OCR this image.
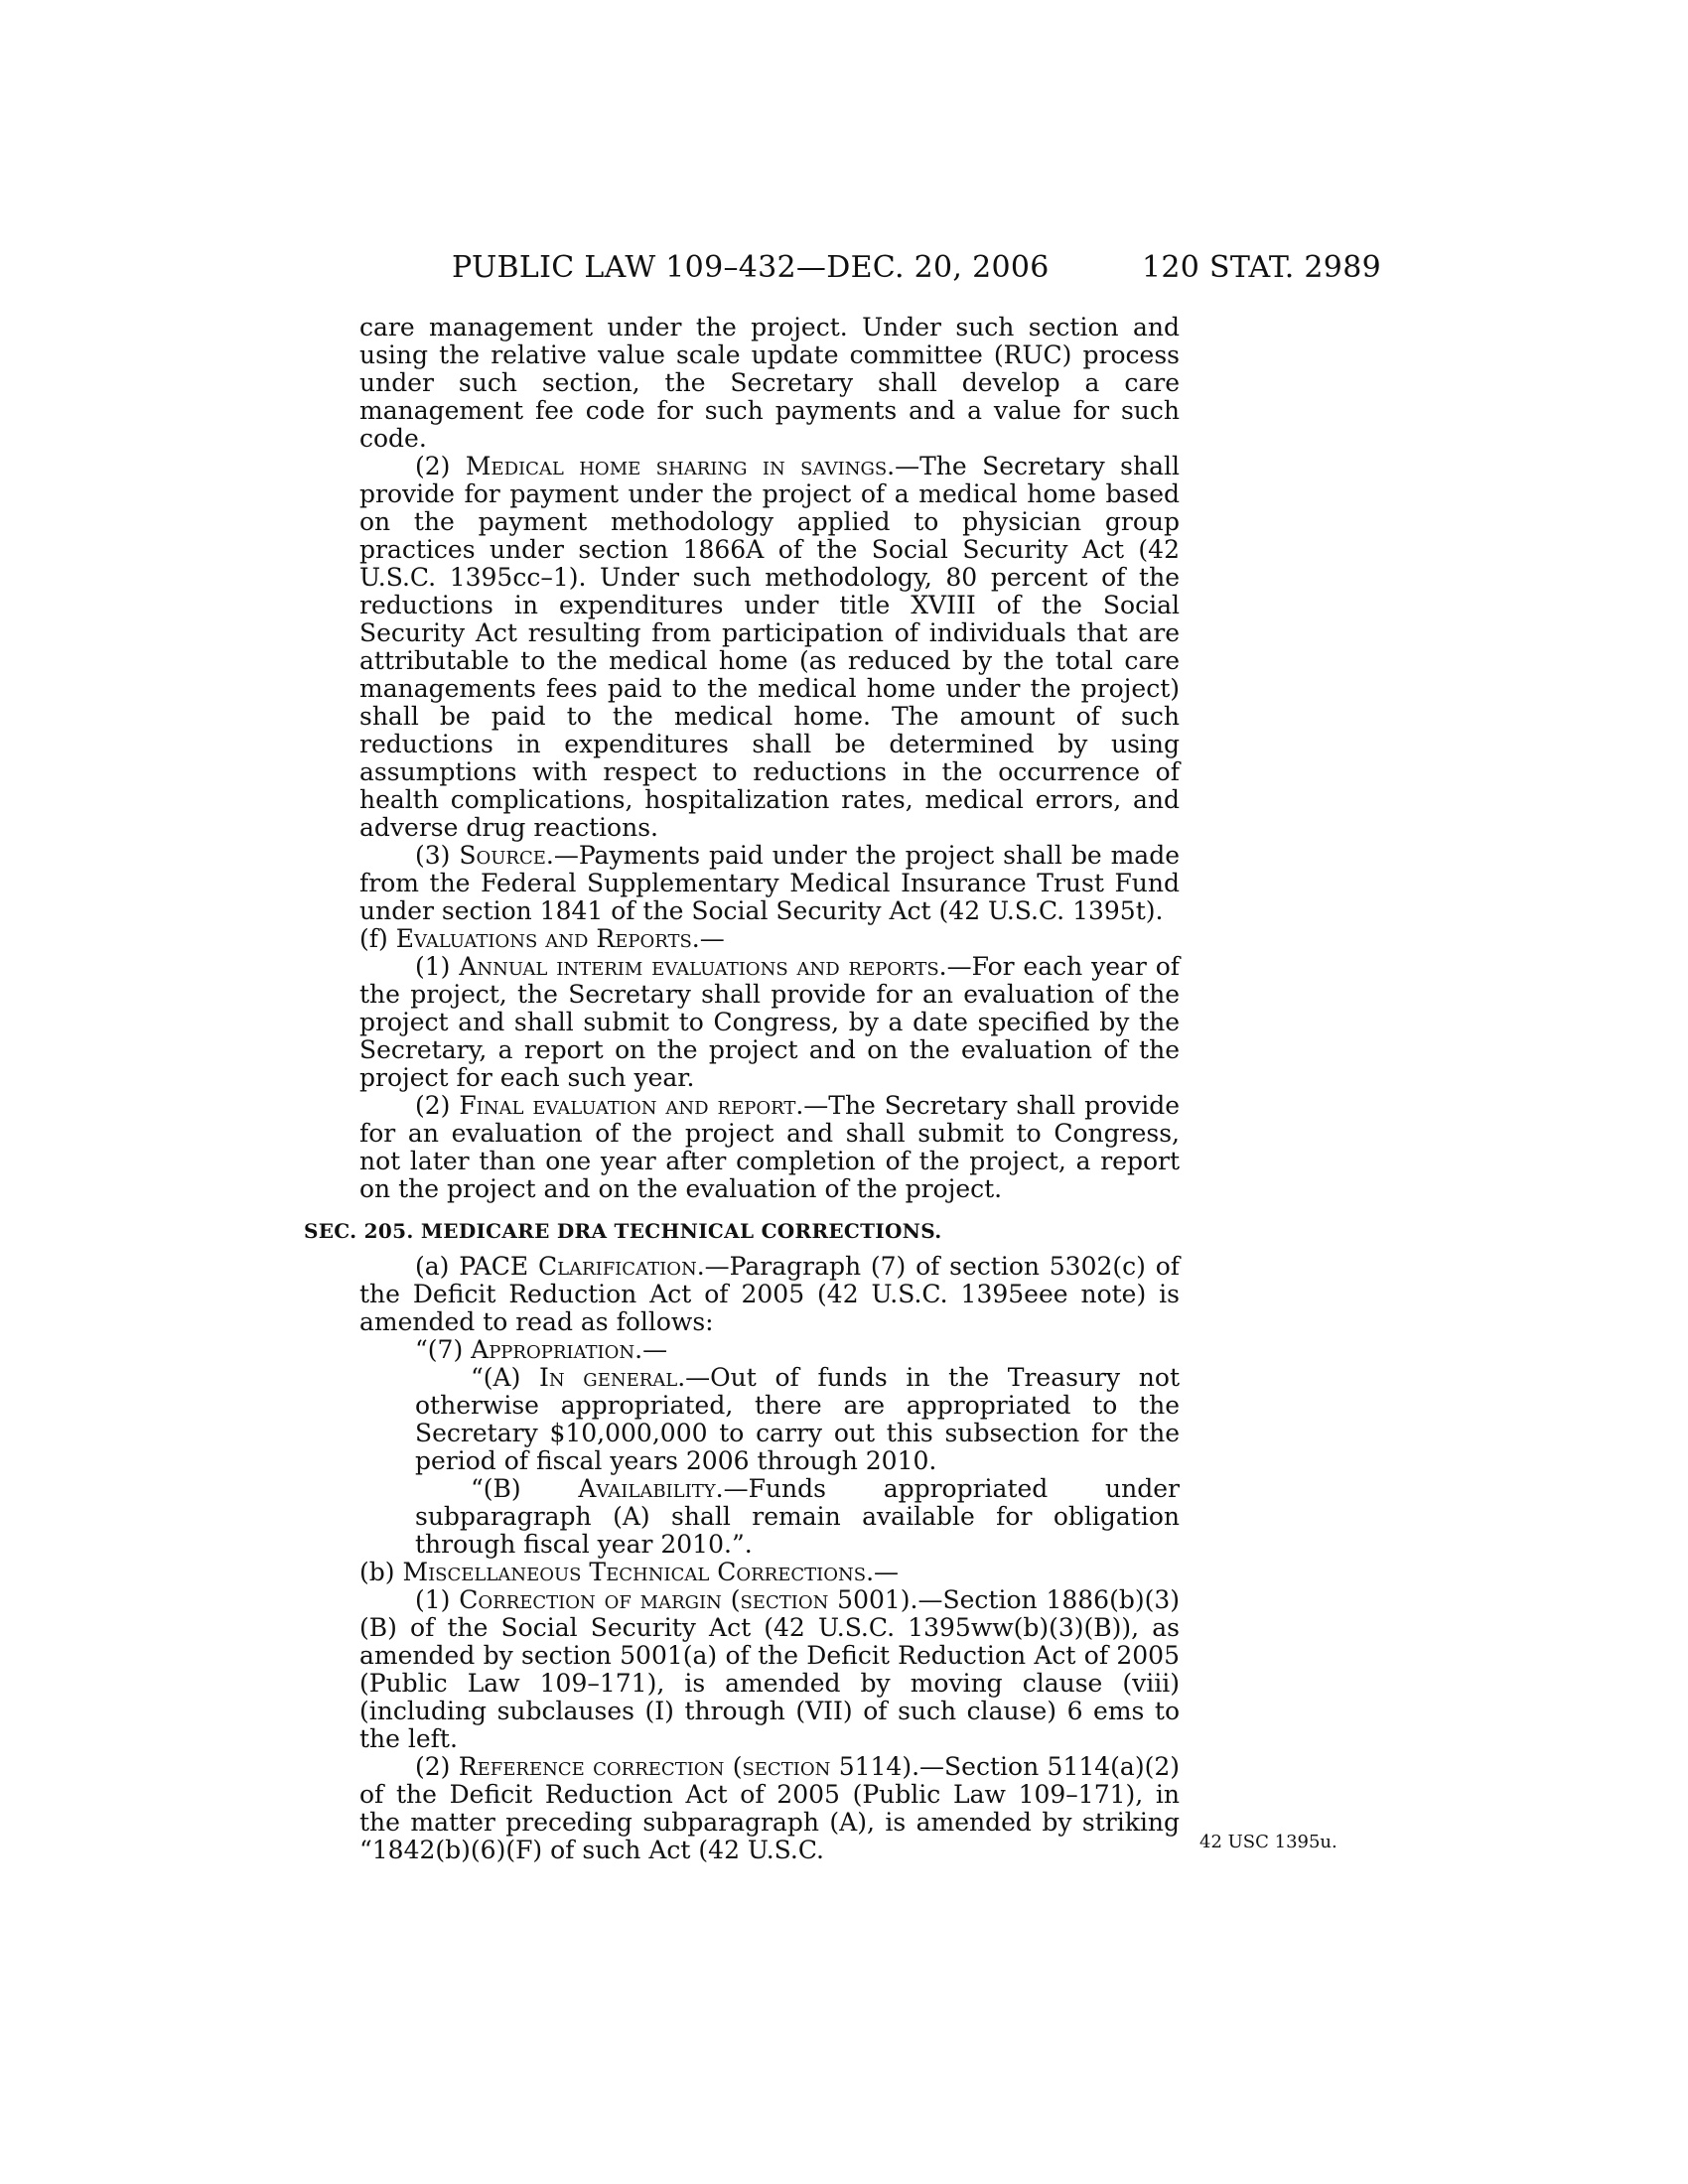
PUBLIC LAW 109–432—DEC. 20, 2006	120 STAT. 2989

care management under the project. Under such section and using the relative value scale update committee (RUC) process under such section, the Secretary shall develop a care management fee code for such payments and a value for such code.

(2) Medical home sharing in savings.—The Secretary shall provide for payment under the project of a medical home based on the payment methodology applied to physician group practices under section 1866A of the Social Security Act (42 U.S.C. 1395cc–1). Under such methodology, 80 percent of the reductions in expenditures under title XVIII of the Social Security Act resulting from participation of individuals that are attributable to the medical home (as reduced by the total care managements fees paid to the medical home under the project) shall be paid to the medical home. The amount of such reductions in expenditures shall be determined by using assumptions with respect to reductions in the occurrence of health complications, hospitalization rates, medical errors, and adverse drug reactions.

(3) Source.—Payments paid under the project shall be made from the Federal Supplementary Medical Insurance Trust Fund under section 1841 of the Social Security Act (42 U.S.C. 1395t).

(f) Evaluations and Reports.—

(1) Annual interim evaluations and reports.—For each year of the project, the Secretary shall provide for an evaluation of the project and shall submit to Congress, by a date specified by the Secretary, a report on the project and on the evaluation of the project for each such year.

(2) Final evaluation and report.—The Secretary shall provide for an evaluation of the project and shall submit to Congress, not later than one year after completion of the project, a report on the project and on the evaluation of the project.

SEC. 205. MEDICARE DRA TECHNICAL CORRECTIONS.

(a) PACE Clarification.—Paragraph (7) of section 5302(c) of the Deficit Reduction Act of 2005 (42 U.S.C. 1395eee note) is amended to read as follows:

“(7) Appropriation.—

“(A) In general.—Out of funds in the Treasury not otherwise appropriated, there are appropriated to the Secretary $10,000,000 to carry out this subsection for the period of fiscal years 2006 through 2010.

“(B) Availability.—Funds appropriated under subparagraph (A) shall remain available for obligation through fiscal year 2010.”.

(b) Miscellaneous Technical Corrections.—

(1) Correction of margin (section 5001).—Section 1886(b)(3)(B) of the Social Security Act (42 U.S.C. 1395ww(b)(3)(B)), as amended by section 5001(a) of the Deficit Reduction Act of 2005 (Public Law 109–171), is amended by moving clause (viii) (including subclauses (I) through (VII) of such clause) 6 ems to the left.

(2) Reference correction (section 5114).—Section 5114(a)(2) of the Deficit Reduction Act of 2005 (Public Law 109–171), in the matter preceding subparagraph (A), is amended by striking “1842(b)(6)(F) of such Act (42 U.S.C.	42 USC 1395u.
